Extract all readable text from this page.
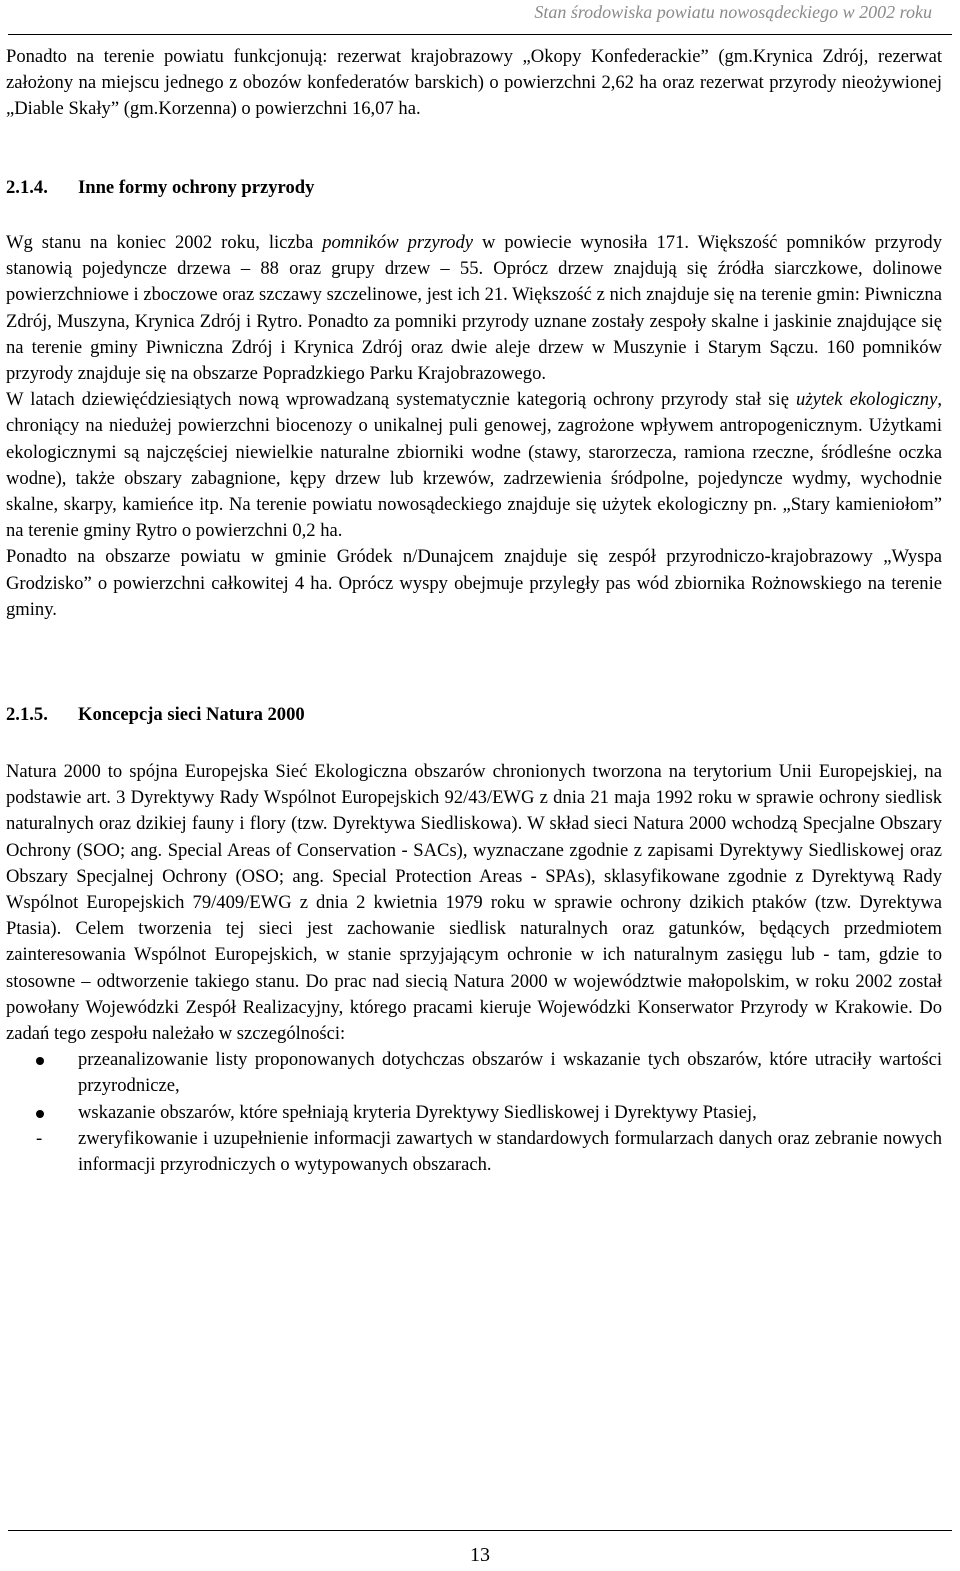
Stan środowiska powiatu nowosądeckiego w 2002 roku

Ponadto na terenie powiatu funkcjonują: rezerwat krajobrazowy „Okopy Konfederackie” (gm.Krynica Zdrój, rezerwat założony na miejscu jednego z obozów konfederatów barskich) o powierzchni 2,62 ha oraz rezerwat przyrody nieożywionej „Diable Skały” (gm.Korzenna) o powierzchni 16,07 ha.

2.1.4. Inne formy ochrony przyrody

Wg stanu na koniec 2002 roku, liczba pomników przyrody w powiecie wynosiła 171. Większość pomników przyrody stanowią pojedyncze drzewa – 88 oraz grupy drzew – 55. Oprócz drzew znajdują się źródła siarczkowe, dolinowe powierzchniowe i zboczowe oraz szczawy szczelinowe, jest ich 21. Większość z nich znajduje się na terenie gmin: Piwniczna Zdrój, Muszyna, Krynica Zdrój i Rytro. Ponadto za pomniki przyrody uznane zostały zespoły skalne i jaskinie znajdujące się na terenie gminy Piwniczna Zdrój i Krynica Zdrój oraz dwie aleje drzew w Muszynie i Starym Sączu. 160 pomników przyrody znajduje się na obszarze Popradzkiego Parku Krajobrazowego.

W latach dziewięćdziesiątych nową wprowadzaną systematycznie kategorią ochrony przyrody stał się użytek ekologiczny, chroniący na niedużej powierzchni biocenozy o unikalnej puli genowej, zagrożone wpływem antropogenicznym. Użytkami ekologicznymi są najczęściej niewielkie naturalne zbiorniki wodne (stawy, starorzecza, ramiona rzeczne, śródleśne oczka wodne), także obszary zabagnione, kępy drzew lub krzewów, zadrzewienia śródpolne, pojedyncze wydmy, wychodnie skalne, skarpy, kamieńce itp. Na terenie powiatu nowosądeckiego znajduje się użytek ekologiczny pn. „Stary kamieniołom” na terenie gminy Rytro o powierzchni 0,2 ha.

Ponadto na obszarze powiatu w gminie Gródek n/Dunajcem znajduje się zespół przyrodniczo-krajobrazowy „Wyspa Grodzisko” o powierzchni całkowitej 4 ha. Oprócz wyspy obejmuje przyległy pas wód zbiornika Rożnowskiego na terenie gminy.

2.1.5. Koncepcja sieci Natura 2000

Natura 2000 to spójna Europejska Sieć Ekologiczna obszarów chronionych tworzona na terytorium Unii Europejskiej, na podstawie art. 3 Dyrektywy Rady Wspólnot Europejskich 92/43/EWG z dnia 21 maja 1992 roku w sprawie ochrony siedlisk naturalnych oraz dzikiej fauny i flory (tzw. Dyrektywa Siedliskowa). W skład sieci Natura 2000 wchodzą Specjalne Obszary Ochrony (SOO; ang. Special Areas of Conservation - SACs), wyznaczane zgodnie z zapisami Dyrektywy Siedliskowej oraz Obszary Specjalnej Ochrony (OSO; ang. Special Protection Areas - SPAs), sklasyfikowane zgodnie z Dyrektywą Rady Wspólnot Europejskich 79/409/EWG z dnia 2 kwietnia 1979 roku w sprawie ochrony dzikich ptaków (tzw. Dyrektywa Ptasia). Celem tworzenia tej sieci jest zachowanie siedlisk naturalnych oraz gatunków, będących przedmiotem zainteresowania Wspólnot Europejskich, w stanie sprzyjającym ochronie w ich naturalnym zasięgu lub - tam, gdzie to stosowne – odtworzenie takiego stanu. Do prac nad siecią Natura 2000 w województwie małopolskim, w roku 2002 został powołany Wojewódzki Zespół Realizacyjny, którego pracami kieruje Wojewódzki Konserwator Przyrody w Krakowie. Do zadań tego zespołu należało w szczególności:

przeanalizowanie listy proponowanych dotychczas obszarów i wskazanie tych obszarów, które utraciły wartości przyrodnicze,
wskazanie obszarów, które spełniają kryteria Dyrektywy Siedliskowej i Dyrektywy Ptasiej,
- zweryfikowanie i uzupełnienie informacji zawartych w standardowych formularzach danych oraz zebranie nowych informacji przyrodniczych o wytypowanych obszarach.
13
